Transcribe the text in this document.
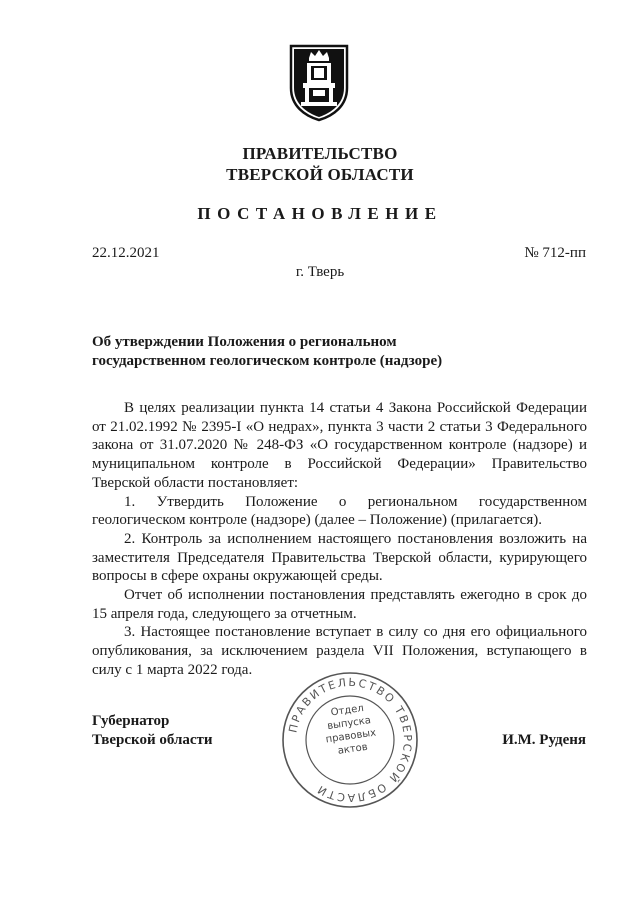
ПРАВИТЕЛЬСТВО
ТВЕРСКОЙ ОБЛАСТИ
ПОСТАНОВЛЕНИЕ
22.12.2021	№ 712-пп
г. Тверь
Об утверждении Положения о региональном
государственном геологическом контроле (надзоре)

В целях реализации пункта 14 статьи 4 Закона Российской Федерации от 21.02.1992 № 2395-I «О недрах», пункта 3 части 2 статьи 3 Федерального закона от 31.07.2020 № 248-ФЗ «О государственном контроле (надзоре) и муниципальном контроле в Российской Федерации» Правительство Тверской области постановляет:

1. Утвердить Положение о региональном государственном геологическом контроле (надзоре) (далее – Положение) (прилагается).

2. Контроль за исполнением настоящего постановления возложить на заместителя Председателя Правительства Тверской области, курирующего вопросы в сфере охраны окружающей среды.

Отчет об исполнении постановления представлять ежегодно в срок до 15 апреля года, следующего за отчетным.

3. Настоящее постановление вступает в силу со дня его официального опубликования, за исключением раздела VII Положения, вступающего в силу с 1 марта 2022 года.

Губернатор
Тверской области	И.М. Руденя
ПРАВИТЕЛЬСТВО ТВЕРСКОЙ ОБЛАСТИ
Отдел
выпуска
правовых
актов
